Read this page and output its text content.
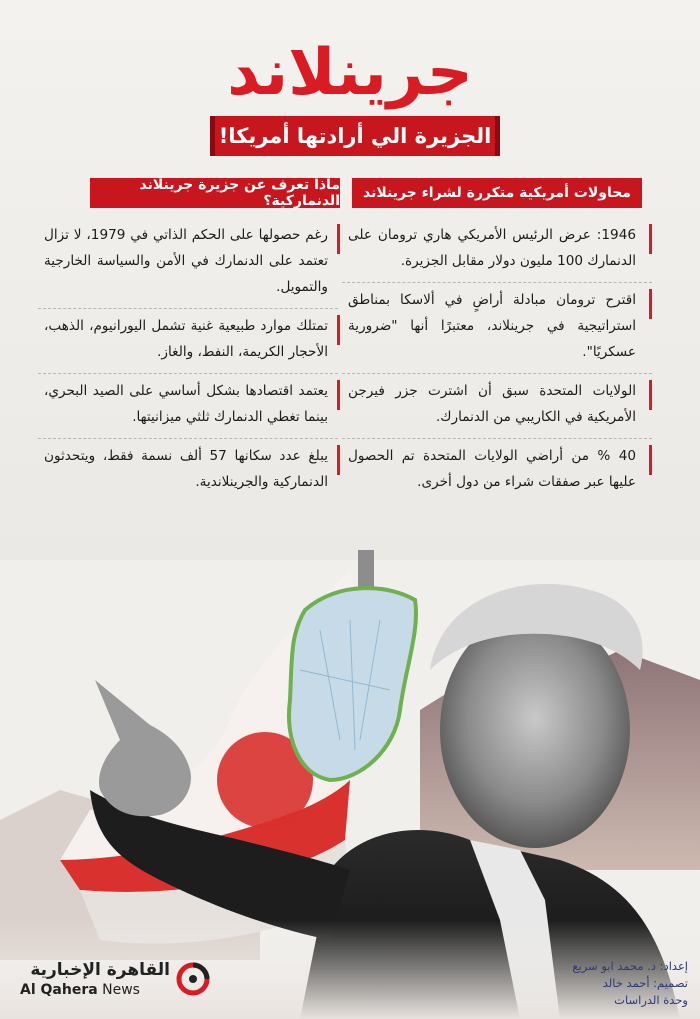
جرينلاند
الجزيرة الي أرادتها أمريكا!
محاولات أمريكية متكررة لشراء جرينلاند
ماذا تعرف عن جزيرة جرينلاند الدنماركية؟
1946: عرض الرئيس الأمريكي هاري ترومان على الدنمارك 100 مليون دولار مقابل الجزيرة.
اقترح ترومان مبادلة أراضٍ في ألاسكا بمناطق استراتيجية في جرينلاند، معتبرًا أنها "ضرورية عسكريًا".
الولايات المتحدة سبق أن اشترت جزر فيرجن الأمريكية في الكاريبي من الدنمارك.
40 % من أراضي الولايات المتحدة تم الحصول عليها عبر صفقات شراء من دول أخرى.
رغم حصولها على الحكم الذاتي في 1979، لا تزال تعتمد على الدنمارك في الأمن والسياسة الخارجية والتمويل.
تمتلك موارد طبيعية غنية تشمل اليورانيوم، الذهب، الأحجار الكريمة، النفط، والغاز.
يعتمد اقتصادها بشكل أساسي على الصيد البحري، بينما تغطي الدنمارك ثلثي ميزانيتها.
يبلغ عدد سكانها 57 ألف نسمة فقط، ويتحدثون الدنماركية والجرينلاندية.
القاهرة الإخبارية
Al Qahera News
إعداد: د. محمد ابو سريع
تصميم: أحمد خالد
وحدة الدراسات
